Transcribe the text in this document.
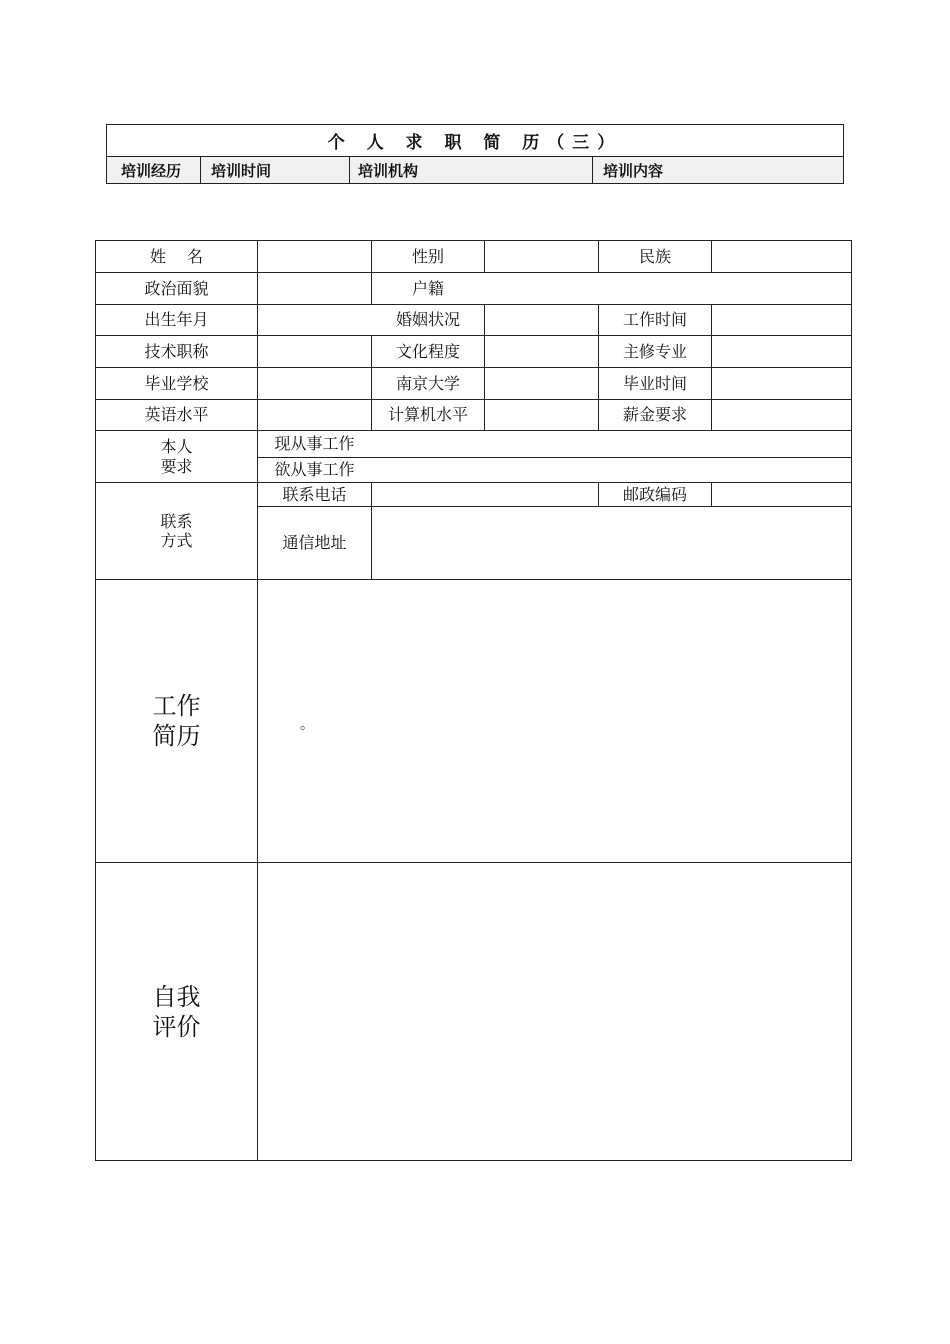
个 人 求 职 简 历（三）
培训经历	培训时间	培训机构	培训内容
姓　 名	性别	民族
政治面貌	户籍
出生年月	婚姻状况	工作时间
技术职称	文化程度	主修专业
毕业学校	南京大学	毕业时间
英语水平	计算机水平	薪金要求
本人
要求
现从事工作
欲从事工作
联系
方式
联系电话	邮政编码
通信地址
工作
简历	。
自我
评价
